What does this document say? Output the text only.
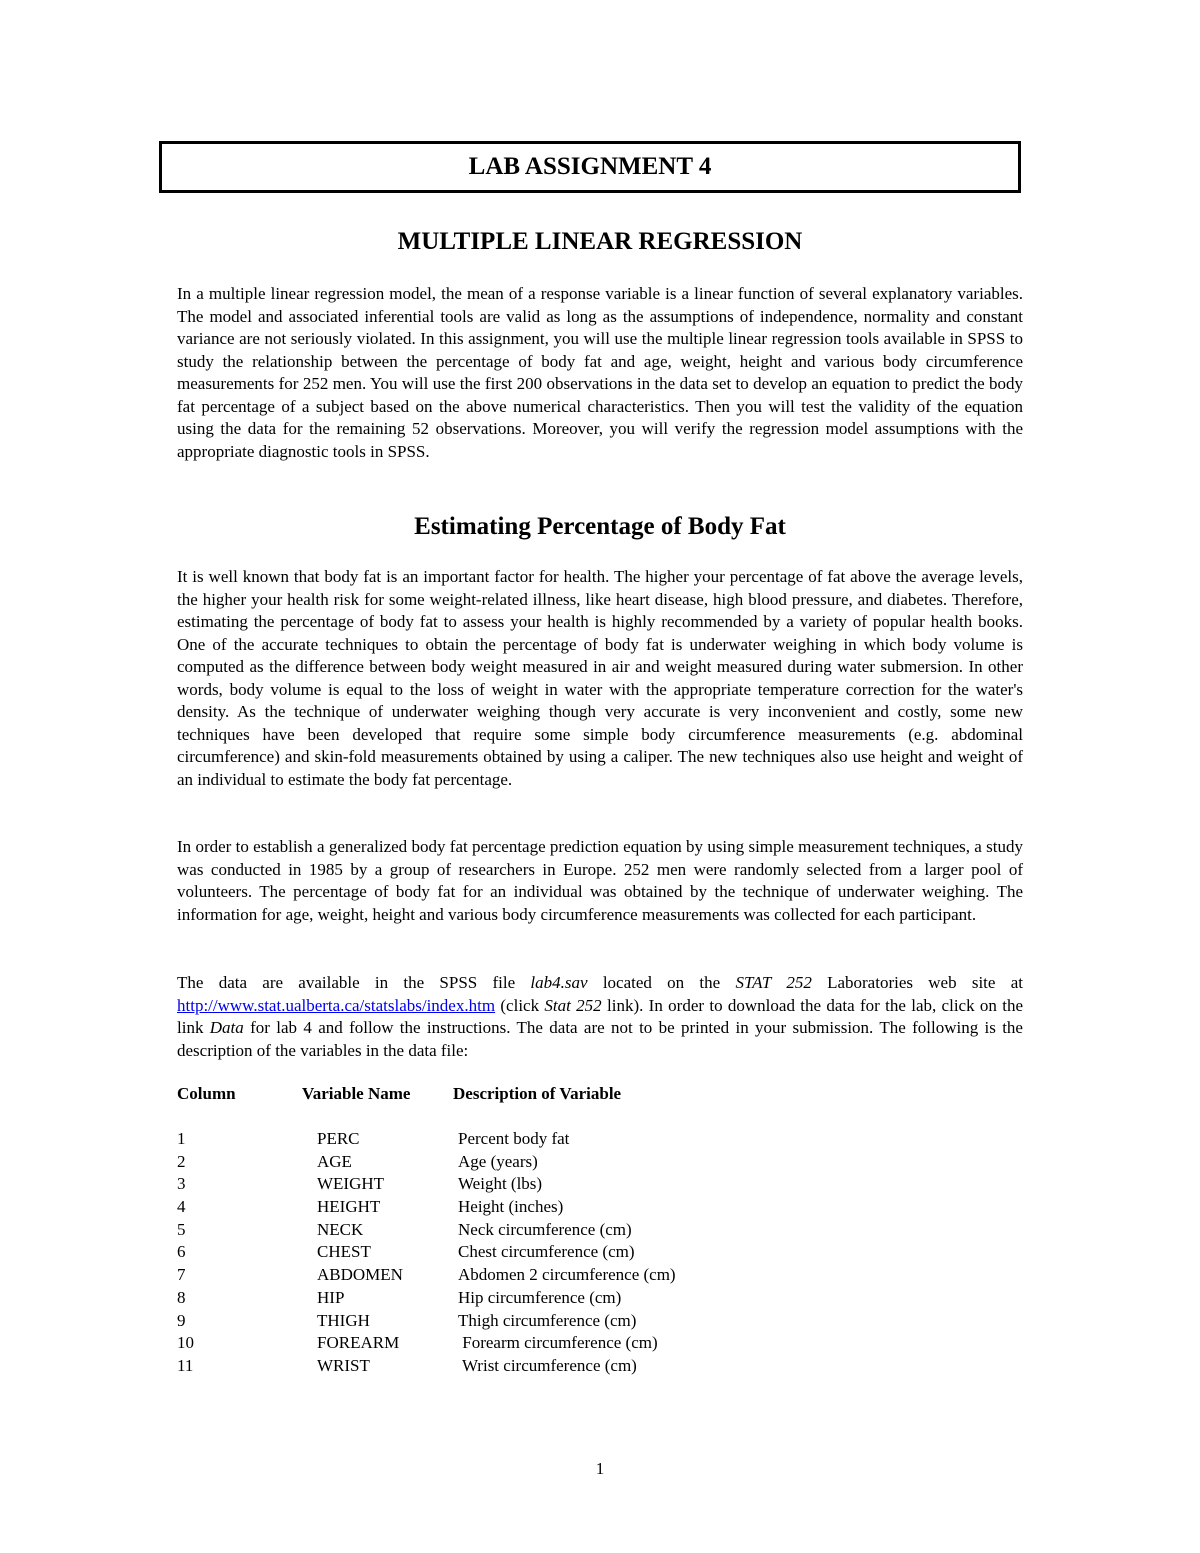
LAB ASSIGNMENT 4
MULTIPLE LINEAR REGRESSION

In a multiple linear regression model, the mean of a response variable is a linear function of several explanatory variables. The model and associated inferential tools are valid as long as the assumptions of independence, normality and constant variance are not seriously violated. In this assignment, you will use the multiple linear regression tools available in SPSS to study the relationship between the percentage of body fat and age, weight, height and various body circumference measurements for 252 men. You will use the first 200 observations in the data set to develop an equation to predict the body fat percentage of a subject based on the above numerical characteristics. Then you will test the validity of the equation using the data for the remaining 52 observations. Moreover, you will verify the regression model assumptions with the appropriate diagnostic tools in SPSS.

Estimating Percentage of Body Fat

It is well known that body fat is an important factor for health. The higher your percentage of fat above the average levels, the higher your health risk for some weight-related illness, like heart disease, high blood pressure, and diabetes. Therefore, estimating the percentage of body fat to assess your health is highly recommended by a variety of popular health books. One of the accurate techniques to obtain the percentage of body fat is underwater weighing in which body volume is computed as the difference between body weight measured in air and weight measured during water submersion. In other words, body volume is equal to the loss of weight in water with the appropriate temperature correction for the water's density. As the technique of underwater weighing though very accurate is very inconvenient and costly, some new techniques have been developed that require some simple body circumference measurements (e.g. abdominal circumference) and skin-fold measurements obtained by using a caliper. The new techniques also use height and weight of an individual to estimate the body fat percentage.

In order to establish a generalized body fat percentage prediction equation by using simple measurement techniques, a study was conducted in 1985 by a group of researchers in Europe. 252 men were randomly selected from a larger pool of volunteers. The percentage of body fat for an individual was obtained by the technique of underwater weighing. The information for age, weight, height and various body circumference measurements was collected for each participant.

The data are available in the SPSS file lab4.sav located on the STAT 252 Laboratories web site at http://www.stat.ualberta.ca/statslabs/index.htm (click Stat 252 link). In order to download the data for the lab, click on the link Data for lab 4 and follow the instructions. The data are not to be printed in your submission. The following is the description of the variables in the data file:

Column	Variable Name	Description of Variable
1	PERC	Percent body fat
2	AGE	Age (years)
3	WEIGHT	Weight (lbs)
4	HEIGHT	Height (inches)
5	NECK	Neck circumference (cm)
6	CHEST	Chest circumference (cm)
7	ABDOMEN	Abdomen 2 circumference (cm)
8	HIP	Hip circumference (cm)
9	THIGH	Thigh circumference (cm)
10	FOREARM	Forearm circumference (cm)
11	WRIST	Wrist circumference (cm)
1
